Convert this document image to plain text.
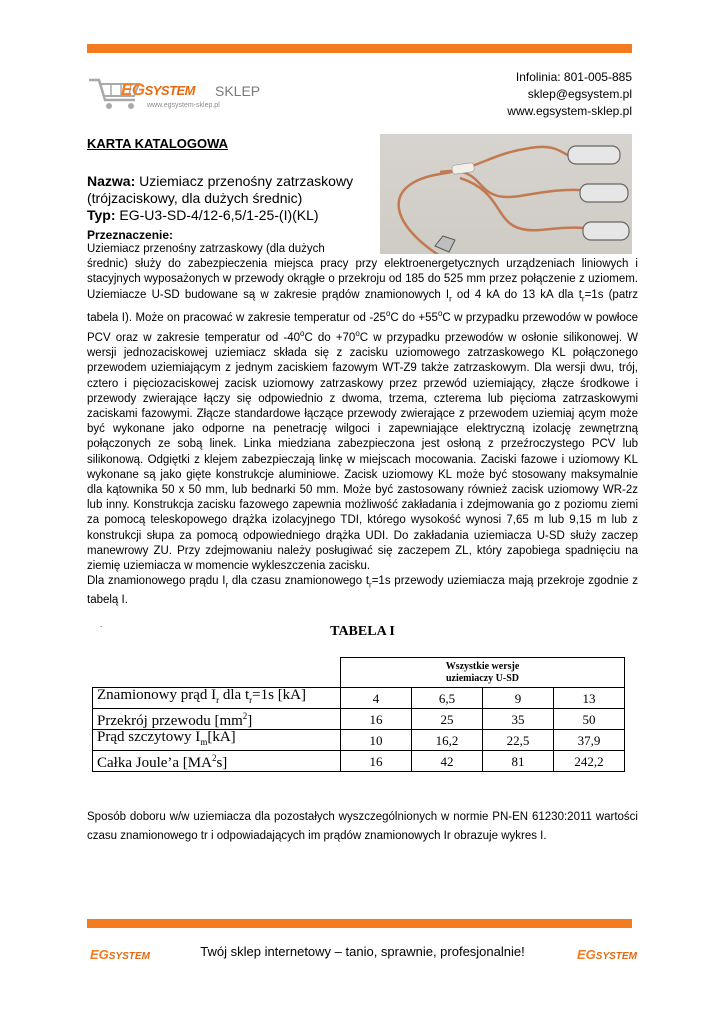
EGSYSTEM SKLEP
www.egsystem-sklep.pl
Infolinia: 801-005-885
sklep@egsystem.pl
www.egsystem-sklep.pl
KARTA KATALOGOWA
Nazwa: Uziemiacz przenośny zatrzaskowy (trójzaciskowy, dla dużych średnic)
Typ: EG-U3-SD-4/12-6,5/1-25-(I)(KL)
Przeznaczenie:
Uziemiacz przenośny zatrzaskowy (dla dużych
średnic) służy do zabezpieczenia miejsca pracy przy elektroenergetycznych urządzeniach liniowych i stacyjnych wyposażonych w przewody okrągłe o przekroju od 185 do 525 mm przez połączenie z uziomem. Uziemiacze U-SD budowane są w zakresie prądów znamionowych $I_r$ od 4 kA do 13 kA dla $t_r=1s$ (patrz tabela I). Może on pracować w zakresie temperatur od -25$^o$C do $+55^oC$ w przypadku przewodów w powłoce PCV oraz w zakresie temperatur od -40$^o$C do $+70^oC$ w przypadku przewodów w osłonie silikonowej. W wersji jednozaciskowej uziemiacz składa się z zacisku uziomowego zatrzaskowego KL połączonego przewodem uziemiającym z jednym zaciskiem fazowym WT-Z9 także zatrzaskowym. Dla wersji dwu, trój, cztero i pięciozaciskowej zacisk uziomowy zatrzaskowy przez przewód uziemiający, złącze środkowe i przewody zwierające łączy się odpowiednio z dwoma, trzema, czterema lub pięcioma zatrzaskowymi zaciskami fazowymi. Złącze standardowe łączące przewody zwierające z przewodem uziemiaj ącym może być wykonane jako odporne na penetrację wilgoci i zapewniające elektryczną izolację zewnętrzną połączonych ze sobą linek. Linka miedziana zabezpieczona jest osłoną z przeźroczystego PCV lub silikonową. Odgiętki z klejem zabezpieczają linkę w miejscach mocowania. Zaciski fazowe i uziomowy KL wykonane są jako gięte konstrukcje aluminiowe. Zacisk uziomowy KL może być stosowany maksymalnie dla kątownika 50 x 50 mm, lub bednarki 50 mm. Może być zastosowany również zacisk uziomowy WR-2z lub inny. Konstrukcja zacisku fazowego zapewnia możliwość zakładania i zdejmowania go z poziomu ziemi za pomocą teleskopowego drążka izolacyjnego TDI, którego wysokość wynosi 7,65 m lub 9,15 m lub z konstrukcji słupa za pomocą odpowiedniego drążka UDI. Do zakładania uziemiacza U-SD służy zaczep manewrowy ZU. Przy zdejmowaniu należy posługiwać się zaczepem ZL, który zapobiega spadnięciu na ziemię uziemiacza w momencie wykleszczenia zacisku.
Dla znamionowego prądu $I_r$ dla czasu znamionowego $t_r=1s$ przewody uziemiacza mają przekroje zgodnie z tabelą I.
.	TABELA I
	Wszystkie wersje
uziemiaczy U-SD			
Znamionowy prąd $I_r$ dla $t_r=1s$ [kA]	4	6,5	9	13
Przekrój przewodu $[mm^2]$	16	25	35	50
Prąd szczytowy $I_m[kA]$	10	16,2	22,5	37,9
Całka Joule’a $[MA^2s]$	16	42	81	242,2
Sposób doboru w/w uziemiacza dla pozostałych wyszczególnionych w normie PN-EN 61230:2011 wartości czasu znamionowego tr i odpowiadających im prądów znamionowych Ir obrazuje wykres I.
EGSYSTEM	Twój sklep internetowy – tanio, sprawnie, profesjonalnie!	EGSYSTEM
